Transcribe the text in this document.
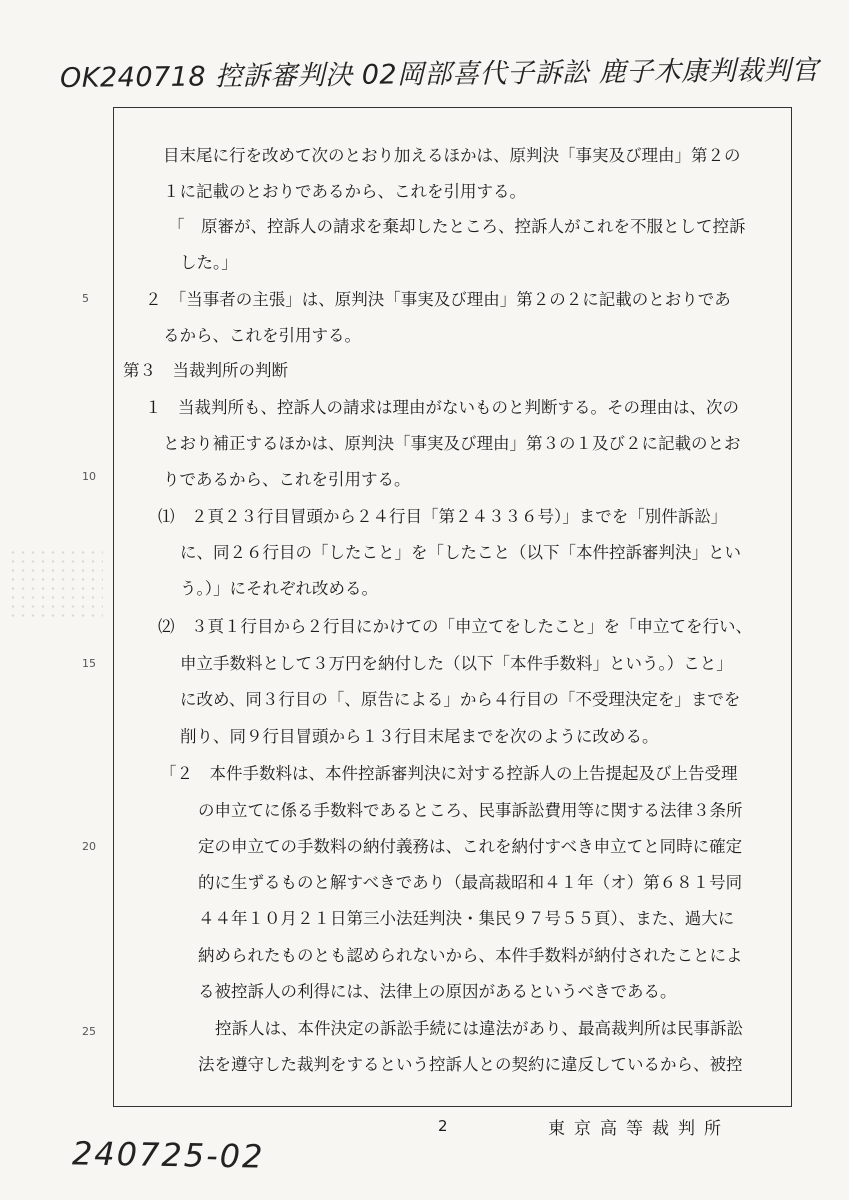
OK240718 控訴審判決 02岡部喜代子訴訟 鹿子木康判裁判官
5
10
15
20
25
目末尾に行を改めて次のとおり加えるほかは、原判決「事実及び理由」第２の
１に記載のとおりであるから、これを引用する。
「　原審が、控訴人の請求を棄却したところ、控訴人がこれを不服として控訴
した。」
２　「当事者の主張」は、原判決「事実及び理由」第２の２に記載のとおりであ
るから、これを引用する。
第３　当裁判所の判断
１　当裁判所も、控訴人の請求は理由がないものと判断する。その理由は、次の
とおり補正するほかは、原判決「事実及び理由」第３の１及び２に記載のとお
りであるから、これを引用する。
⑴　２頁２３行目冒頭から２４行目「第２４３３６号）」までを「別件訴訟」
に、同２６行目の「したこと」を「したこと（以下「本件控訴審判決」とい
う。）」にそれぞれ改める。
⑵　３頁１行目から２行目にかけての「申立てをしたこと」を「申立てを行い、
申立手数料として３万円を納付した（以下「本件手数料」という。）こと」
に改め、同３行目の「、原告による」から４行目の「不受理決定を」までを
削り、同９行目冒頭から１３行目末尾までを次のように改める。
「２　本件手数料は、本件控訴審判決に対する控訴人の上告提起及び上告受理
の申立てに係る手数料であるところ、民事訴訟費用等に関する法律３条所
定の申立ての手数料の納付義務は、これを納付すべき申立てと同時に確定
的に生ずるものと解すべきであり（最高裁昭和４１年（オ）第６８１号同
４４年１０月２１日第三小法廷判決・集民９７号５５頁）、また、過大に
納められたものとも認められないから、本件手数料が納付されたことによ
る被控訴人の利得には、法律上の原因があるというべきである。
控訴人は、本件決定の訴訟手続には違法があり、最高裁判所は民事訴訟
法を遵守した裁判をするという控訴人との契約に違反しているから、被控
2	東京高等裁判所
240725-02
